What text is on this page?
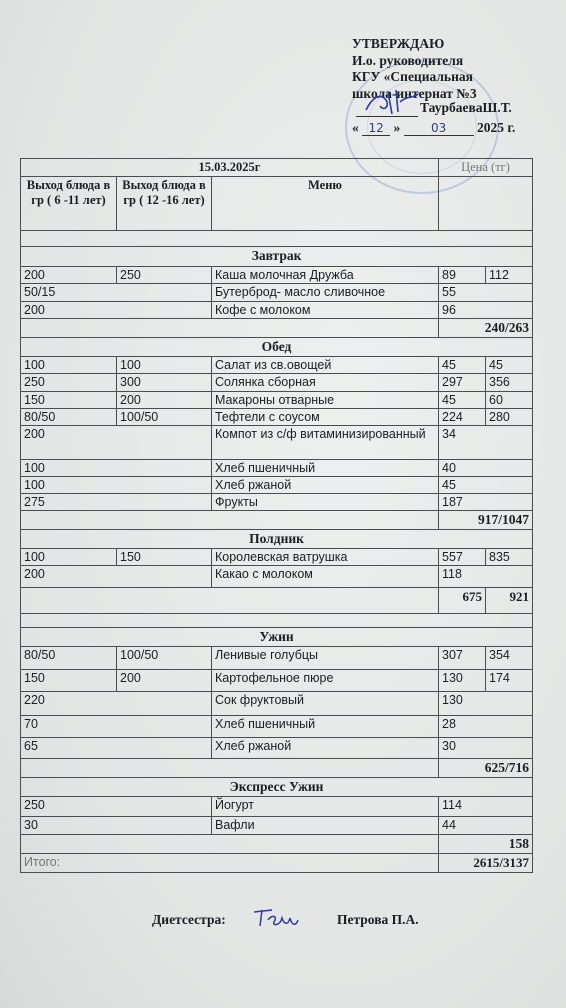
УТВЕРЖДАЮ
И.о. руководителя
КГУ «Специальная
школа-интернат №3
ТаурбаеваШ.Т.
« 12 »	03 2025 г.
15.03.2025г			Цена (тг)	
Выход блюда в гр ( 6 -11 лет)	Выход блюда в гр ( 12 -16 лет)	Меню		

Завтрак				
200	250	Каша молочная Дружба	89	112
50/15		Бутерброд- масло сливочное	55	
200		Кофе с молоком	96	
			240/263	
Обед				
100	100	Салат из св.овощей	45	45
250	300	Солянка сборная	297	356
150	200	Макароны отварные	45	60
80/50	100/50	Тефтели с соусом	224	280
200		Компот из с/ф витаминизированный	34	
100		Хлеб пшеничный	40	
100		Хлеб ржаной	45	
275		Фрукты	187	
			917/1047	
Полдник				
100	150	Королевская ватрушка	557	835
200		Какао с молоком	118	
			675	921

Ужин				
80/50	100/50	Ленивые голубцы	307	354
150	200	Картофельное пюре	130	174
220		Сок фруктовый	130	
70		Хлеб пшеничный	28	
65		Хлеб ржаной	30	
			625/716	
Экспресс Ужин				
250		Йогурт	114	
30		Вафли	44	
			158	
Итого:			2615/3137	
Диетсестра:	Петрова П.А.
